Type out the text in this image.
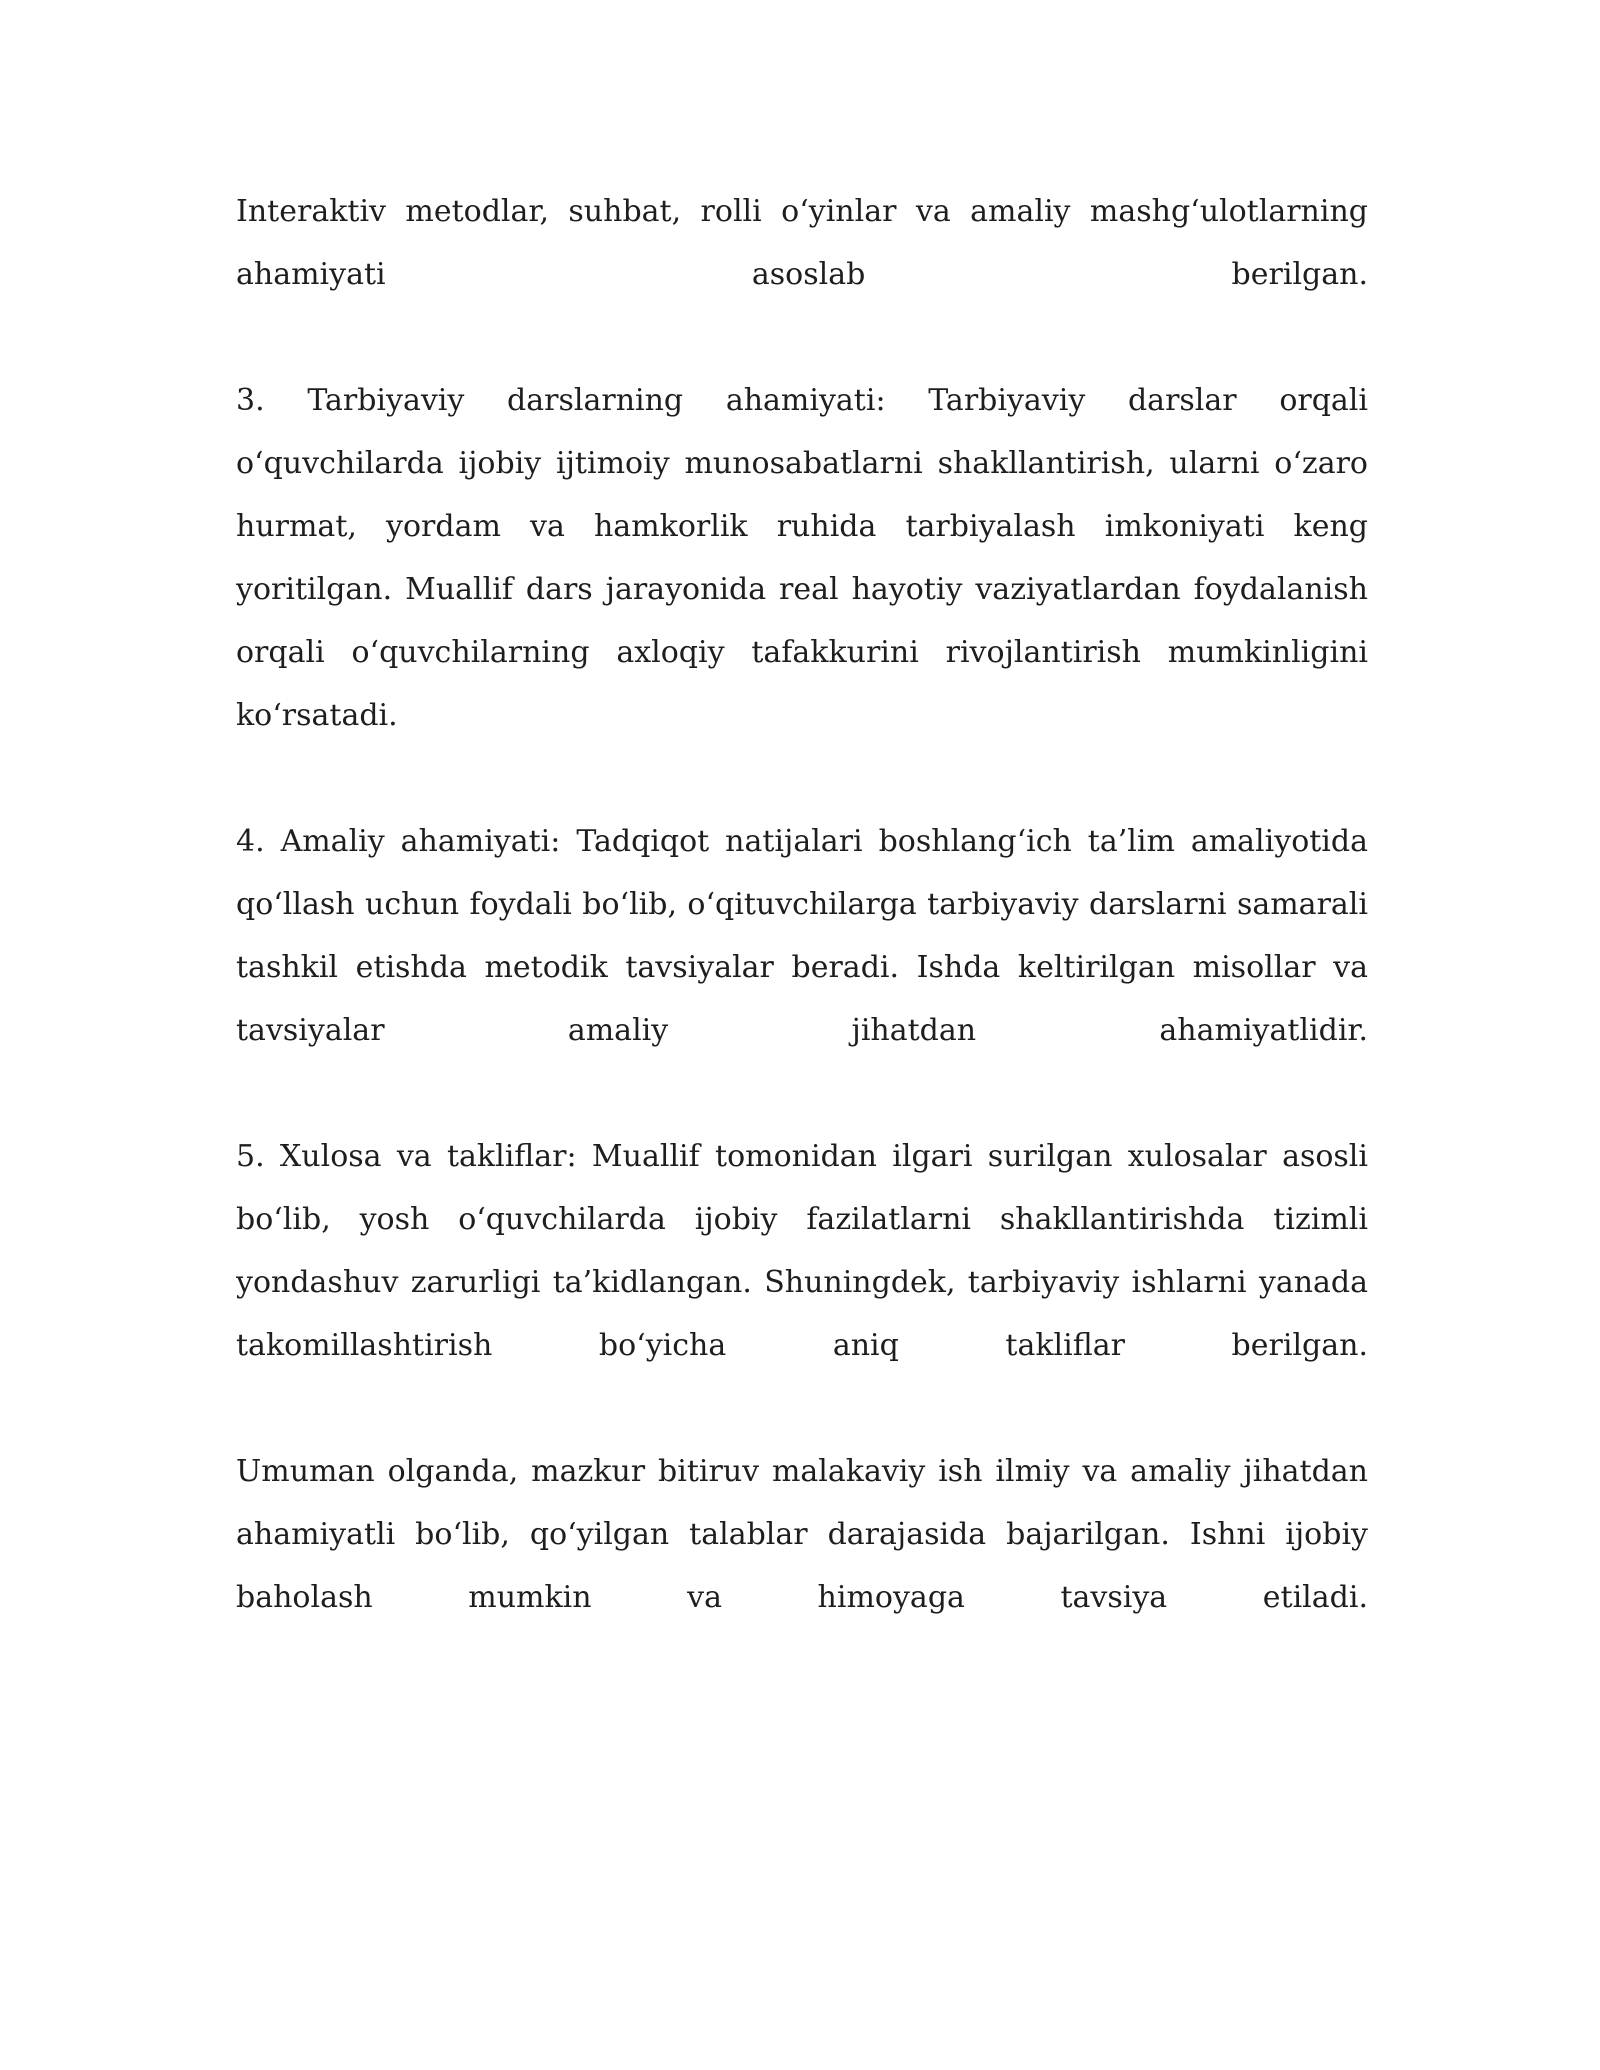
Interaktiv metodlar, suhbat, rolli o‘yinlar va amaliy mashg‘ulotlarning
ahamiyati asoslab berilgan.

3. Tarbiyaviy darslarning ahamiyati: Tarbiyaviy darslar orqali
o‘quvchilarda ijobiy ijtimoiy munosabatlarni shakllantirish, ularni o‘zaro
hurmat, yordam va hamkorlik ruhida tarbiyalash imkoniyati keng
yoritilgan. Muallif dars jarayonida real hayotiy vaziyatlardan foydalanish
orqali o‘quvchilarning axloqiy tafakkurini rivojlantirish mumkinligini
ko‘rsatadi.

4. Amaliy ahamiyati: Tadqiqot natijalari boshlang‘ich ta’lim amaliyotida
qo‘llash uchun foydali bo‘lib, o‘qituvchilarga tarbiyaviy darslarni samarali
tashkil etishda metodik tavsiyalar beradi. Ishda keltirilgan misollar va
tavsiyalar amaliy jihatdan ahamiyatlidir.

5. Xulosa va takliflar: Muallif tomonidan ilgari surilgan xulosalar asosli
bo‘lib, yosh o‘quvchilarda ijobiy fazilatlarni shakllantirishda tizimli
yondashuv zarurligi ta’kidlangan. Shuningdek, tarbiyaviy ishlarni yanada
takomillashtirish bo‘yicha aniq takliflar berilgan.

Umuman olganda, mazkur bitiruv malakaviy ish ilmiy va amaliy jihatdan
ahamiyatli bo‘lib, qo‘yilgan talablar darajasida bajarilgan. Ishni ijobiy
baholash mumkin va himoyaga tavsiya etiladi.
